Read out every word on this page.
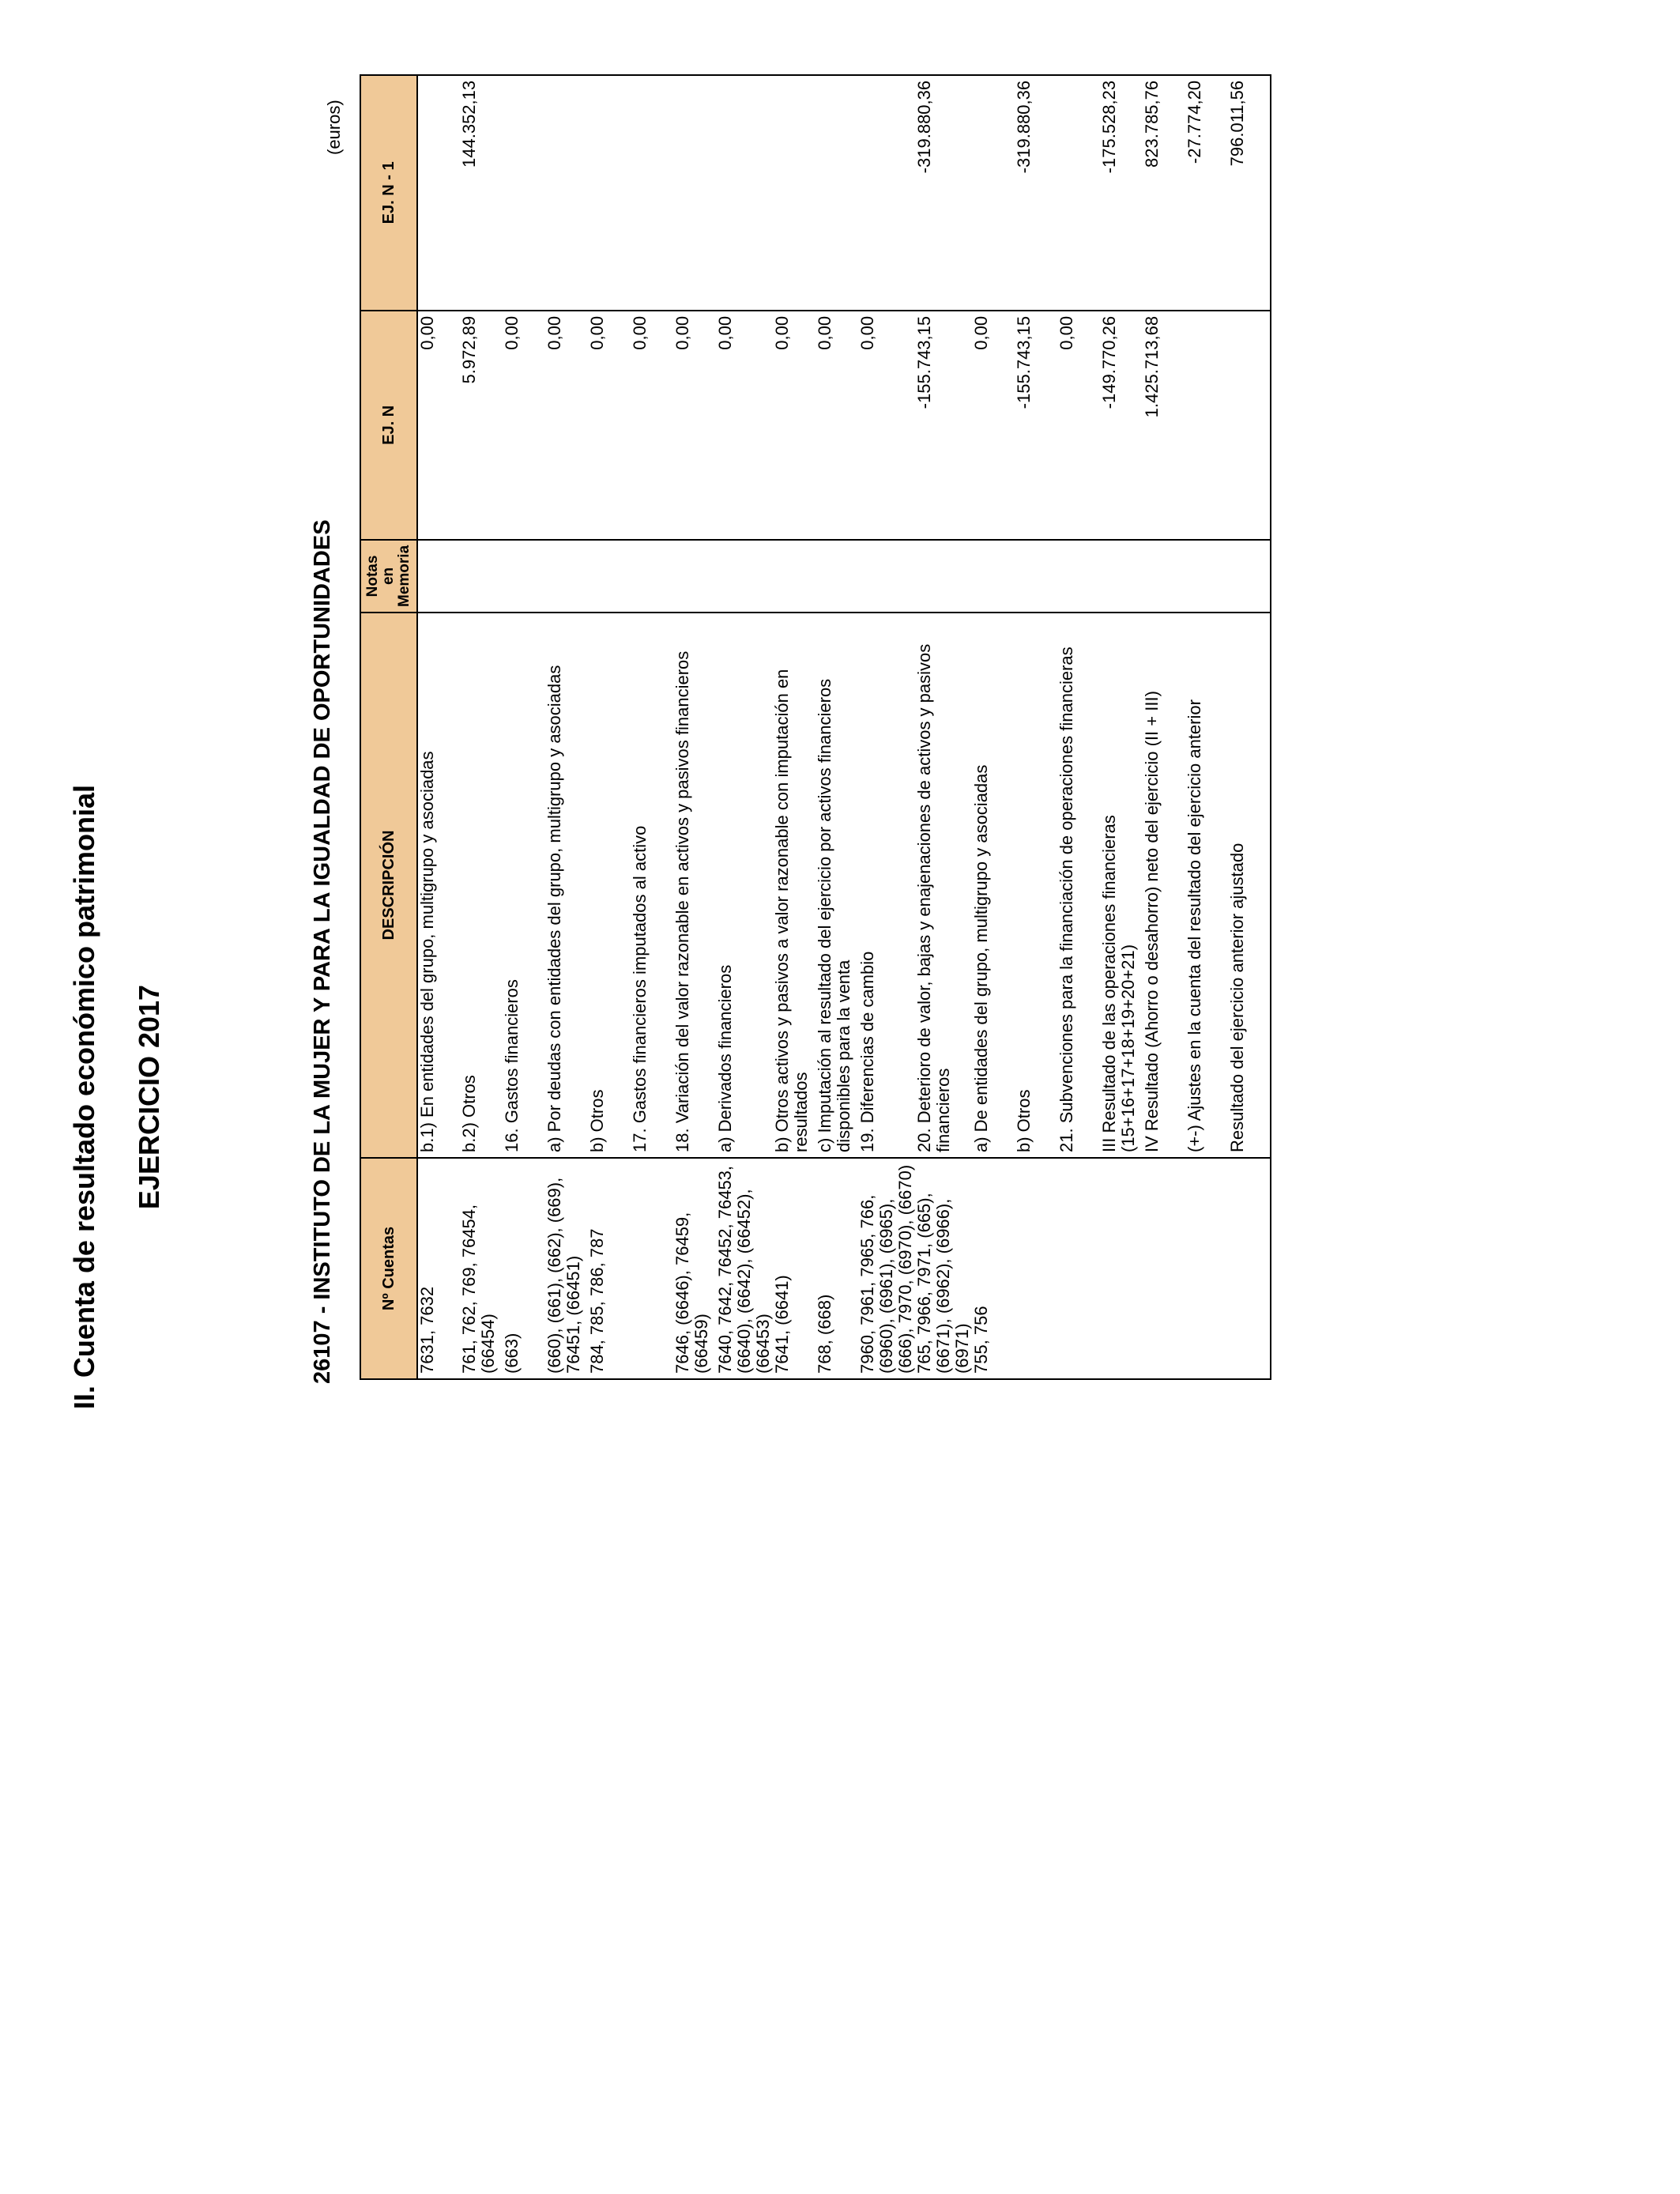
II. Cuenta de resultado económico patrimonial EJERCICIO 2017	26107 - INSTITUTO DE LA MUJER Y PARA LA IGUALDAD DE OPORTUNIDADES
(euros)
Nº Cuentas	DESCRIPCIÓN	Notas en Memoria	EJ. N	EJ. N - 1
7631, 7632	b.1) En entidades del grupo, multigrupo y asociadas		0,00	
761, 762, 769, 76454, (66454)	b.2) Otros		5.972,89	144.352,13
(663)	16. Gastos financieros		0,00	
(660), (661), (662), (669), 76451, (66451)	a) Por deudas con entidades del grupo, multigrupo y asociadas		0,00	
784, 785, 786, 787	b) Otros		0,00	
	17. Gastos financieros imputados al activo		0,00	
7646, (6646), 76459, (66459)	18. Variación del valor razonable en activos y pasivos financieros		0,00	
7640, 7642, 76452, 76453, (6640), (6642), (66452), (66453)	a) Derivados financieros		0,00	
7641, (6641)	b) Otros activos y pasivos a valor razonable con imputación en resultados		0,00	
768, (668)	c) Imputación al resultado del ejercicio por activos financieros disponibles para la venta		0,00	
7960, 7961, 7965, 766, (6960), (6961), (6965), (666), 7970, (6970), (6670)	19. Diferencias de cambio		0,00	
765, 7966, 7971, (665), (6671), (6962), (6966), (6971)	20. Deterioro de valor, bajas y enajenaciones de activos y pasivos financieros		-155.743,15	-319.880,36
755, 756	a) De entidades del grupo, multigrupo y asociadas		0,00	
	b) Otros		-155.743,15	-319.880,36
	21. Subvenciones para la financiación de operaciones financieras		0,00	
	III Resultado de las operaciones financieras (15+16+17+18+19+20+21)		-149.770,26	-175.528,23
	IV Resultado (Ahorro o desahorro) neto del ejercicio (II + III)		1.425.713,68	823.785,76
	(+-) Ajustes en la cuenta del resultado del ejercicio anterior			-27.774,20
	Resultado del ejercicio anterior ajustado			796.011,56
